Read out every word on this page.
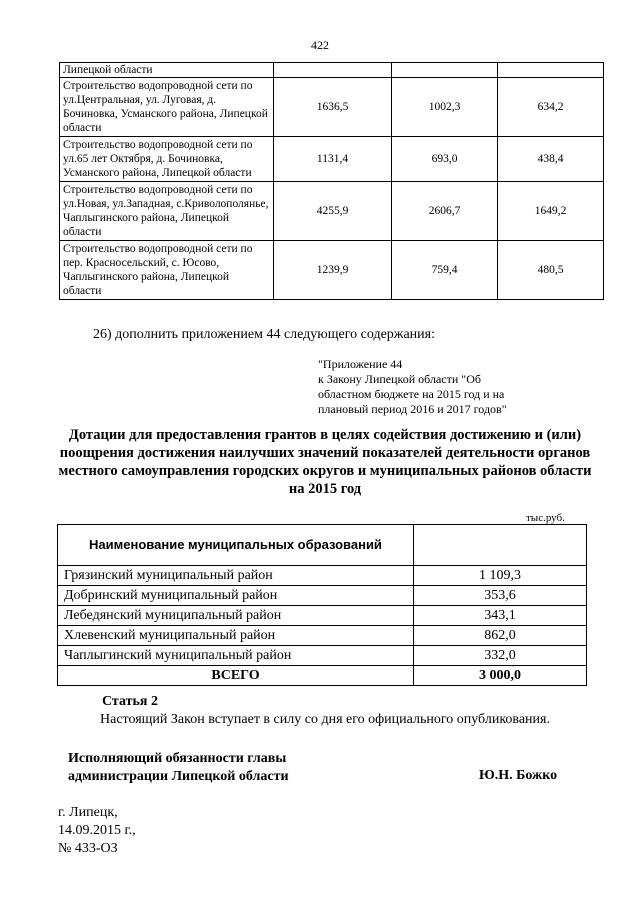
422
Липецкой области			
Строительство водопроводной сети по ул.Центральная, ул. Луговая, д. Бочиновка, Усманского района, Липецкой области	1636,5	1002,3	634,2
Строительство водопроводной сети по ул.65 лет Октября, д. Бочиновка, Усманского района, Липецкой области	1131,4	693,0	438,4
Строительство водопроводной сети по ул.Новая, ул.Западная, с.Криволополянье, Чаплыгинского района, Липецкой области	4255,9	2606,7	1649,2
Строительство водопроводной сети по пер. Красносельский, с. Юсово, Чаплыгинского района, Липецкой области	1239,9	759,4	480,5
26) дополнить приложением 44 следующего содержания:
"Приложение 44
к Закону Липецкой области "Об
областном бюджете на 2015 год и на
плановый период 2016 и 2017 годов"
Дотации для предоставления грантов в целях содействия достижению и (или) поощрения достижения наилучших значений показателей деятельности органов местного самоуправления городских округов и муниципальных районов области на 2015 год
тыс.руб.
Наименование муниципальных образований	
Грязинский муниципальный район	1 109,3
Добринский муниципальный район	353,6
Лебедянский муниципальный район	343,1
Хлевенский муниципальный район	862,0
Чаплыгинский муниципальный район	332,0
ВСЕГО	3 000,0
Статья 2
Настоящий Закон вступает в силу со дня его официального опубликования.
Исполняющий обязанности главы
администрации Липецкой области	Ю.Н. Божко
г. Липецк,
14.09.2015 г.,
№ 433-ОЗ
